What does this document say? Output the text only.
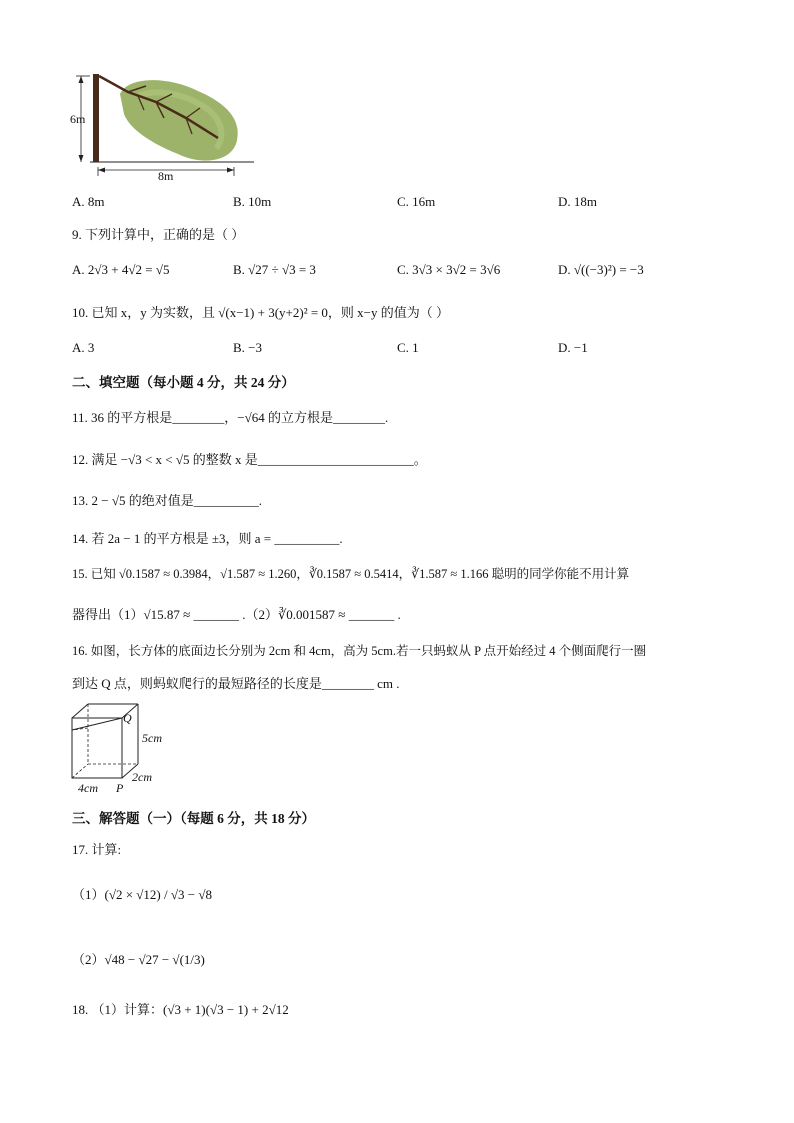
6m
8m
A. 8m	B. 10m	C. 16m	D. 18m
9. 下列计算中，正确的是（ ）
A. 2√3 + 4√2 = √5	B. √27 ÷ √3 = 3	C. 3√3 × 3√2 = 3√6	D. √((−3)²) = −3
10. 已知 x，y 为实数，且 √(x−1) + 3(y+2)² = 0，则 x−y 的值为（ ）
A. 3	B. −3	C. 1	D. −1
二、填空题（每小题 4 分，共 24 分）
11. 36 的平方根是________，−√64 的立方根是________.
12. 满足 −√3 < x < √5 的整数 x 是________________________。
13. 2 − √5 的绝对值是__________.
14. 若 2a − 1 的平方根是 ±3，则 a = __________.
15. 已知 √0.1587 ≈ 0.3984，√1.587 ≈ 1.260，∛0.1587 ≈ 0.5414，∛1.587 ≈ 1.166 聪明的同学你能不用计算
器得出（1）√15.87 ≈ _______ .（2）∛0.001587 ≈ _______ .
16. 如图，长方体的底面边长分别为 2cm 和 4cm，高为 5cm.若一只蚂蚁从 P 点开始经过 4 个侧面爬行一圈
到达 Q 点，则蚂蚁爬行的最短路径的长度是________ cm .
Q
5cm
2cm
4cm P
三、解答题（一）（每题 6 分，共 18 分）
17. 计算:
（1）(√2 × √12) / √3 − √8
（2）√48 − √27 − √(1/3)
18. （1）计算：(√3 + 1)(√3 − 1) + 2√12
